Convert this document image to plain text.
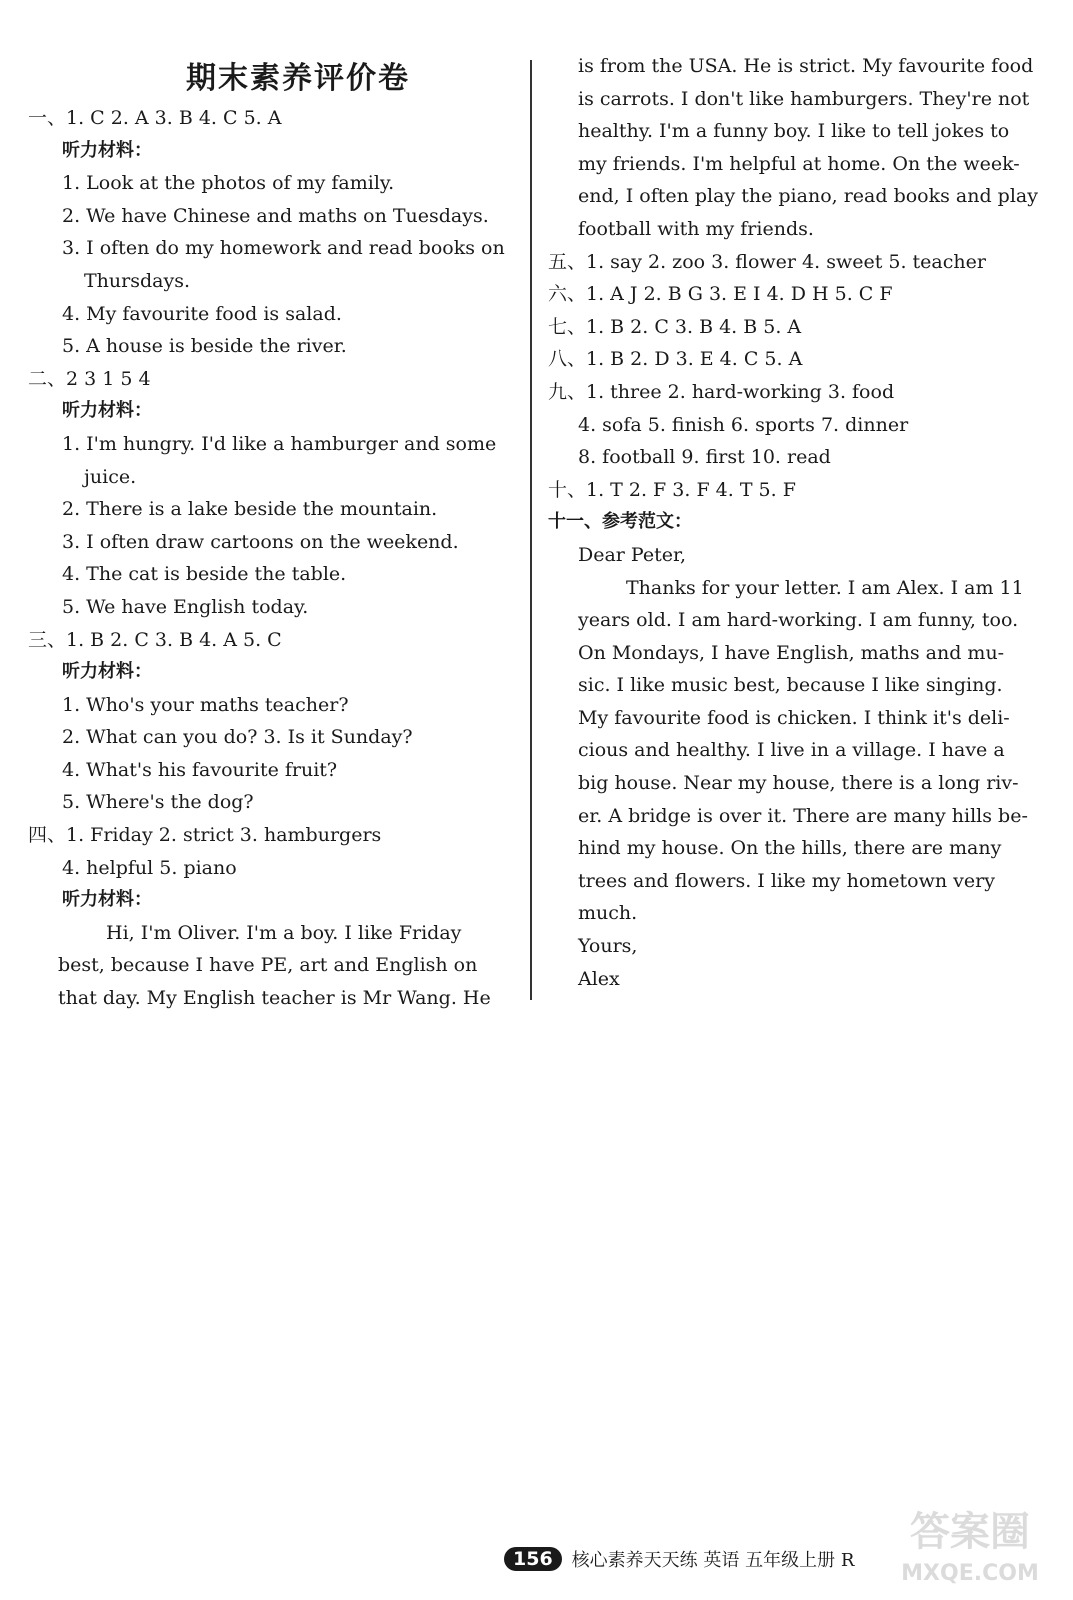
期末素养评价卷
一、1. C 2. A 3. B 4. C 5. A
听力材料：
1. Look at the photos of my family.
2. We have Chinese and maths on Tuesdays.
3. I often do my homework and read books on
Thursdays.
4. My favourite food is salad.
5. A house is beside the river.
二、2 3 1 5 4
听力材料：
1. I'm hungry. I'd like a hamburger and some
juice.
2. There is a lake beside the mountain.
3. I often draw cartoons on the weekend.
4. The cat is beside the table.
5. We have English today.
三、1. B 2. C 3. B 4. A 5. C
听力材料：
1. Who's your maths teacher?
2. What can you do? 3. Is it Sunday?
4. What's his favourite fruit?
5. Where's the dog?
四、1. Friday 2. strict 3. hamburgers
4. helpful 5. piano
听力材料：
Hi, I'm Oliver. I'm a boy. I like Friday
best, because I have PE, art and English on
that day. My English teacher is Mr Wang. He
is from the USA. He is strict. My favourite food
is carrots. I don't like hamburgers. They're not
healthy. I'm a funny boy. I like to tell jokes to
my friends. I'm helpful at home. On the week-
end, I often play the piano, read books and play
football with my friends.
五、1. say 2. zoo 3. flower 4. sweet 5. teacher
六、1. A J 2. B G 3. E I 4. D H 5. C F
七、1. B 2. C 3. B 4. B 5. A
八、1. B 2. D 3. E 4. C 5. A
九、1. three 2. hard-working 3. food
4. sofa 5. finish 6. sports 7. dinner
8. football 9. first 10. read
十、1. T 2. F 3. F 4. T 5. F
十一、参考范文：
Dear Peter,
Thanks for your letter. I am Alex. I am 11
years old. I am hard-working. I am funny, too.
On Mondays, I have English, maths and mu-
sic. I like music best, because I like singing.
My favourite food is chicken. I think it's deli-
cious and healthy. I live in a village. I have a
big house. Near my house, there is a long riv-
er. A bridge is over it. There are many hills be-
hind my house. On the hills, there are many
trees and flowers. I like my hometown very
much.
Yours,
Alex
156	核心素养天天练 英语 五年级上册 R
答案圈
MXQE.COM
